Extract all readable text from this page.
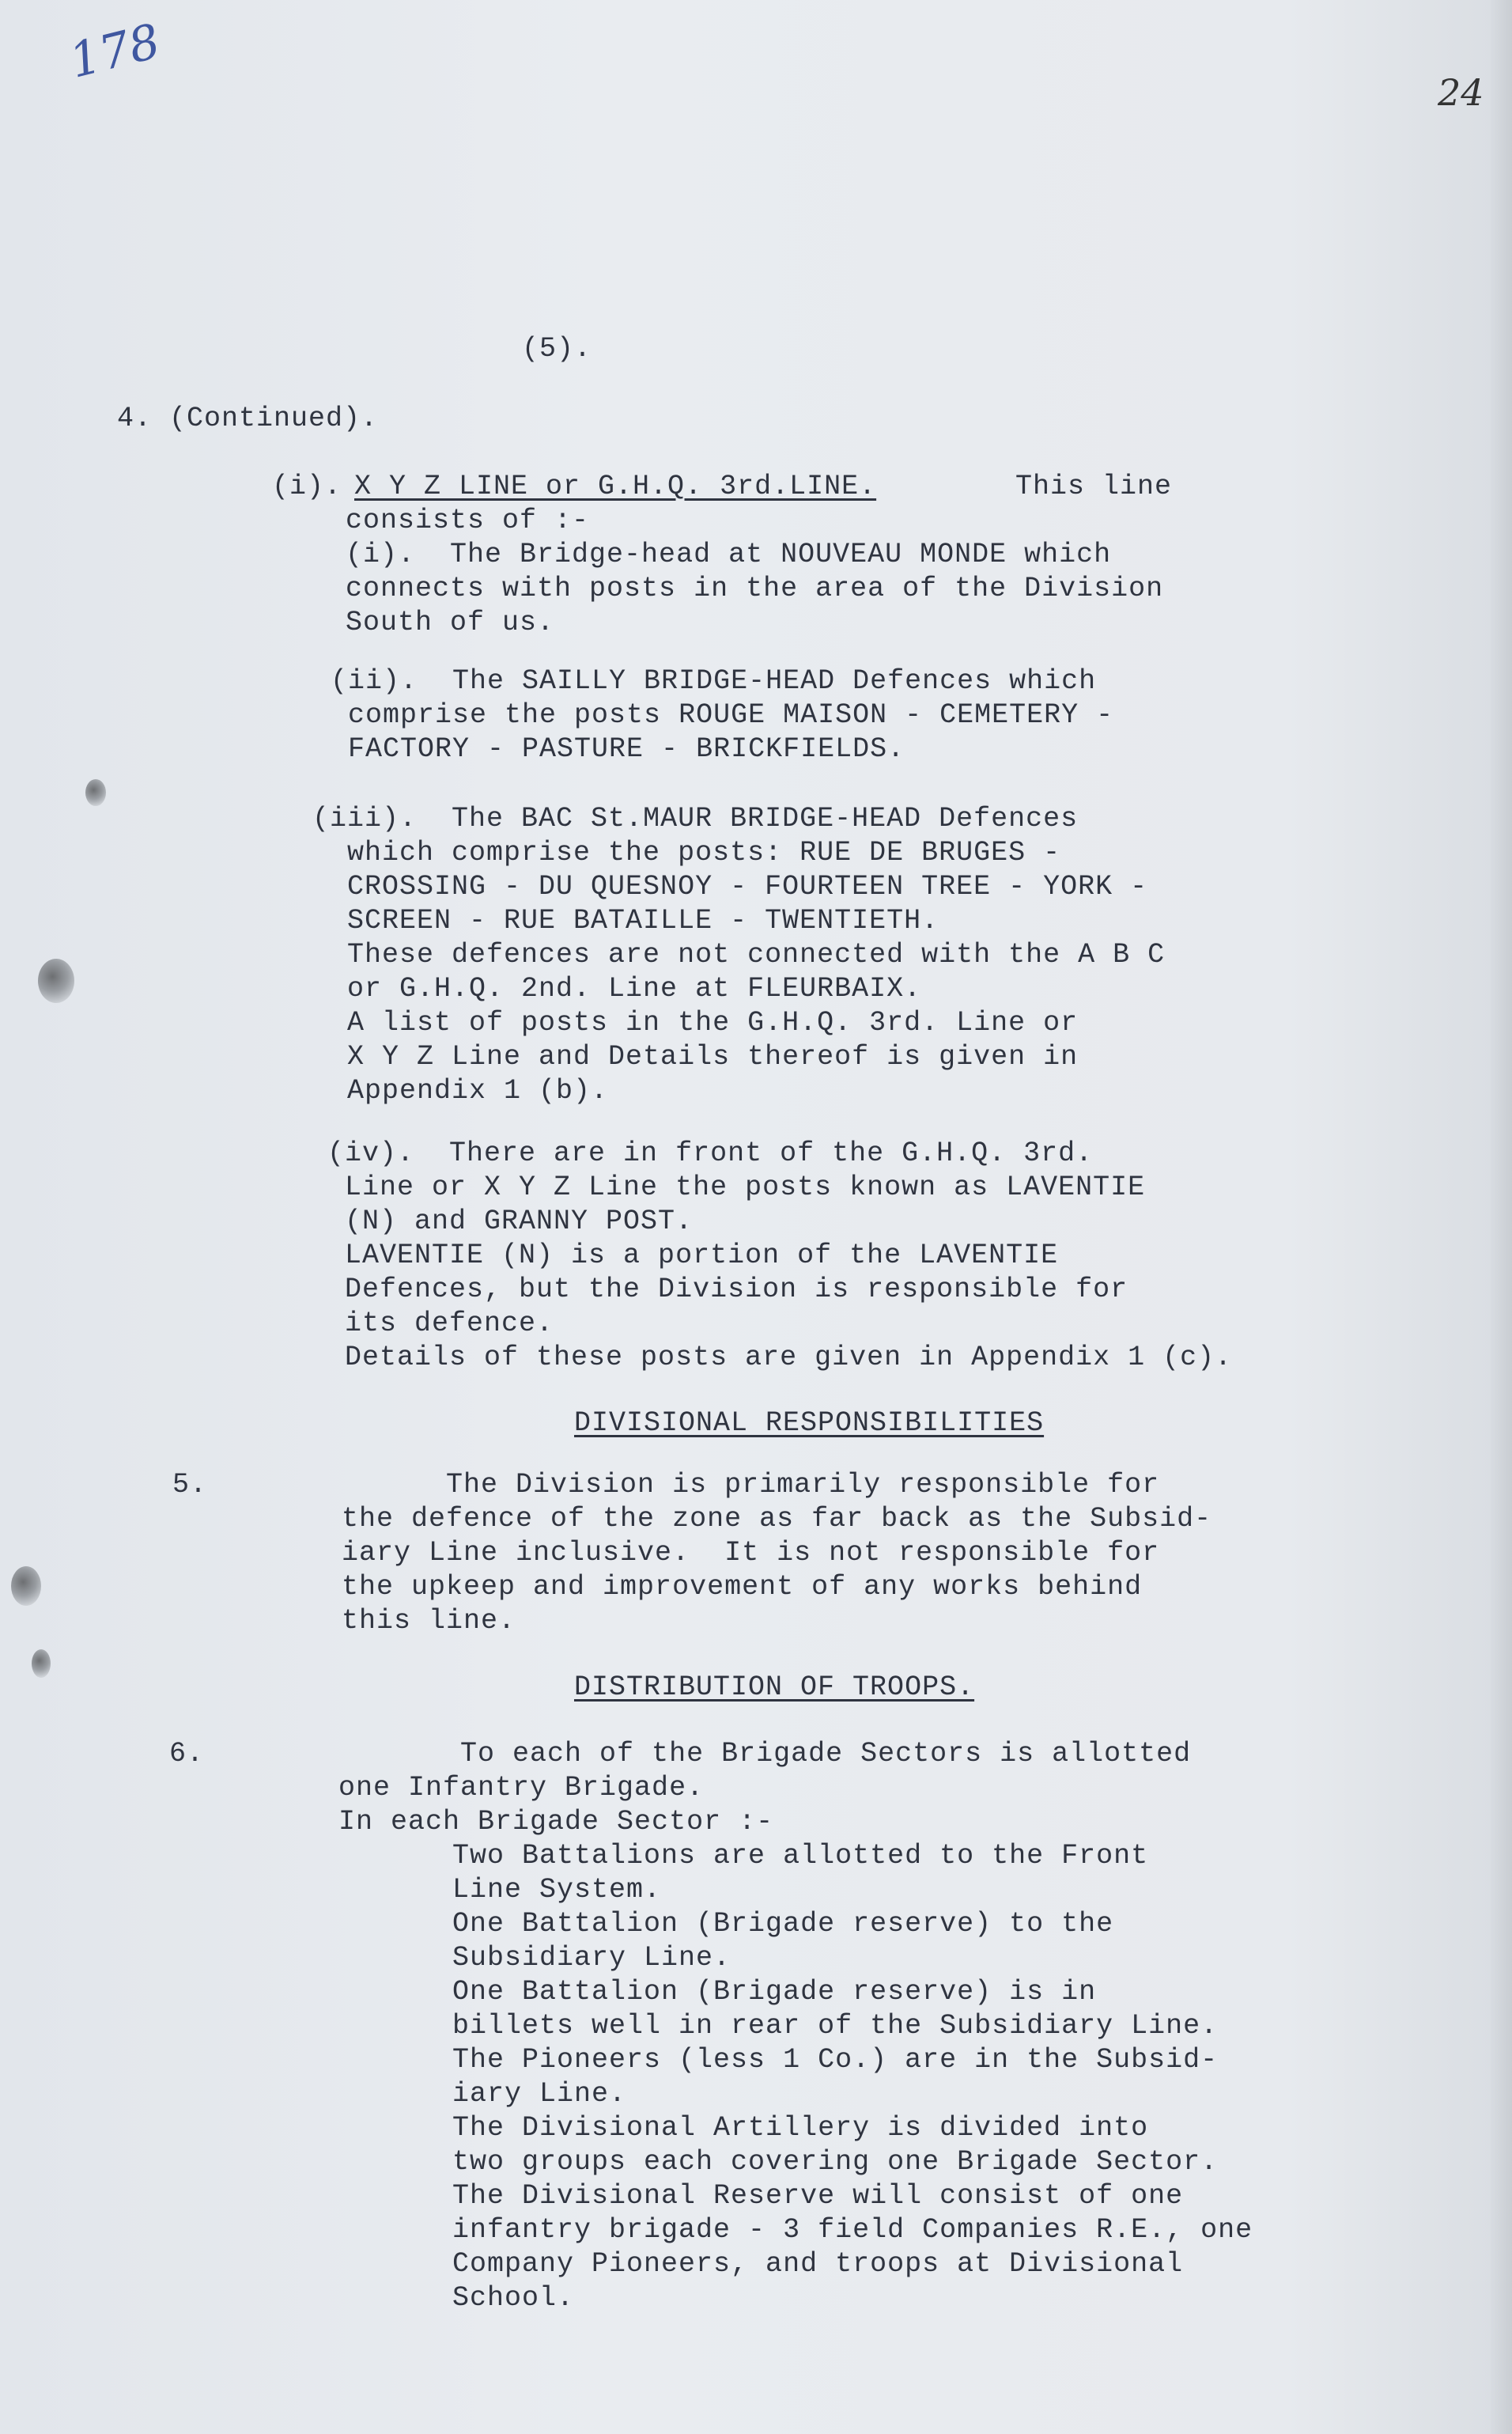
178
24
(5).
4. (Continued).
(i). X Y Z LINE or G.H.Q. 3rd.LINE.	This line
consists of :-
(i).  The Bridge-head at NOUVEAU MONDE which
connects with posts in the area of the Division
South of us.
(ii).  The SAILLY BRIDGE-HEAD Defences which
comprise the posts ROUGE MAISON - CEMETERY -
FACTORY - PASTURE - BRICKFIELDS.
(iii).  The BAC St.MAUR BRIDGE-HEAD Defences
which comprise the posts: RUE DE BRUGES -
CROSSING - DU QUESNOY - FOURTEEN TREE - YORK -
SCREEN - RUE BATAILLE - TWENTIETH.
These defences are not connected with the A B C
or G.H.Q. 2nd. Line at FLEURBAIX.
A list of posts in the G.H.Q. 3rd. Line or
X Y Z Line and Details thereof is given in
Appendix 1 (b).
(iv).  There are in front of the G.H.Q. 3rd.
Line or X Y Z Line the posts known as LAVENTIE
(N) and GRANNY POST.
LAVENTIE (N) is a portion of the LAVENTIE
Defences, but the Division is responsible for
its defence.
Details of these posts are given in Appendix 1 (c).
DIVISIONAL RESPONSIBILITIES
5.	The Division is primarily responsible for
the defence of the zone as far back as the Subsid-
iary Line inclusive.  It is not responsible for
the upkeep and improvement of any works behind
this line.
DISTRIBUTION OF TROOPS.
6.	To each of the Brigade Sectors is allotted
one Infantry Brigade.
In each Brigade Sector :-
Two Battalions are allotted to the Front
Line System.
One Battalion (Brigade reserve) to the
Subsidiary Line.
One Battalion (Brigade reserve) is in
billets well in rear of the Subsidiary Line.
The Pioneers (less 1 Co.) are in the Subsid-
iary Line.
The Divisional Artillery is divided into
two groups each covering one Brigade Sector.
The Divisional Reserve will consist of one
infantry brigade - 3 field Companies R.E., one
Company Pioneers, and troops at Divisional
School.
